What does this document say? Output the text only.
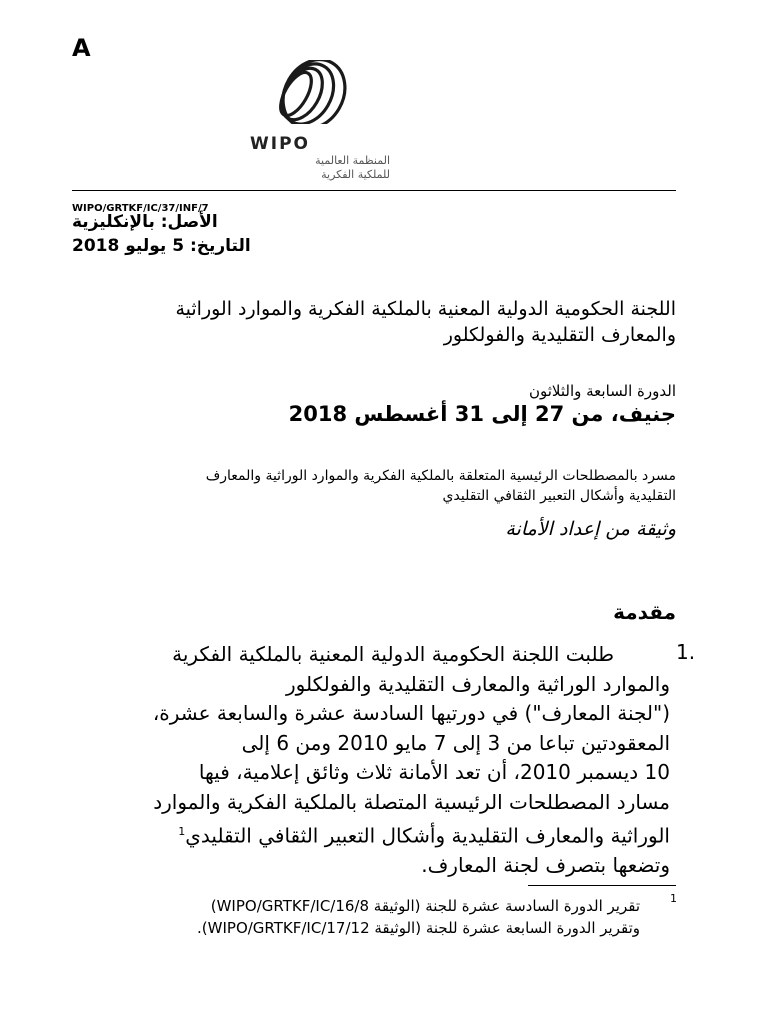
A
WIPO
المنظمة العالمية
للملكية الفكرية
WIPO/GRTKF/IC/37/INF/7
الأصل: بالإنكليزية
التاريخ: 5 يوليو 2018
اللجنة الحكومية الدولية المعنية بالملكية الفكرية والموارد الوراثية
والمعارف التقليدية والفولكلور
الدورة السابعة والثلاثون
جنيف، من 27 إلى 31 أغسطس 2018
مسرد بالمصطلحات الرئيسية المتعلقة بالملكية الفكرية والموارد الوراثية والمعارف
التقليدية وأشكال التعبير الثقافي التقليدي
وثيقة من إعداد الأمانة
مقدمة
1.
طلبت اللجنة الحكومية الدولية المعنية بالملكية الفكرية
والموارد الوراثية والمعارف التقليدية والفولكلور
("لجنة المعارف") في دورتيها السادسة عشرة والسابعة عشرة،
المعقودتين تباعا من 3 إلى 7 مايو 2010 ومن 6 إلى
10 ديسمبر 2010، أن تعد الأمانة ثلاث وثائق إعلامية، فيها
مسارد المصطلحات الرئيسية المتصلة بالملكية الفكرية والموارد
الوراثية والمعارف التقليدية وأشكال التعبير الثقافي التقليدي$^1$
وتضعها بتصرف لجنة المعارف.
1
تقرير الدورة السادسة عشرة للجنة (الوثيقة WIPO/GRTKF/IC/16/8)
وتقرير الدورة السابعة عشرة للجنة (الوثيقة WIPO/GRTKF/IC/17/12).
